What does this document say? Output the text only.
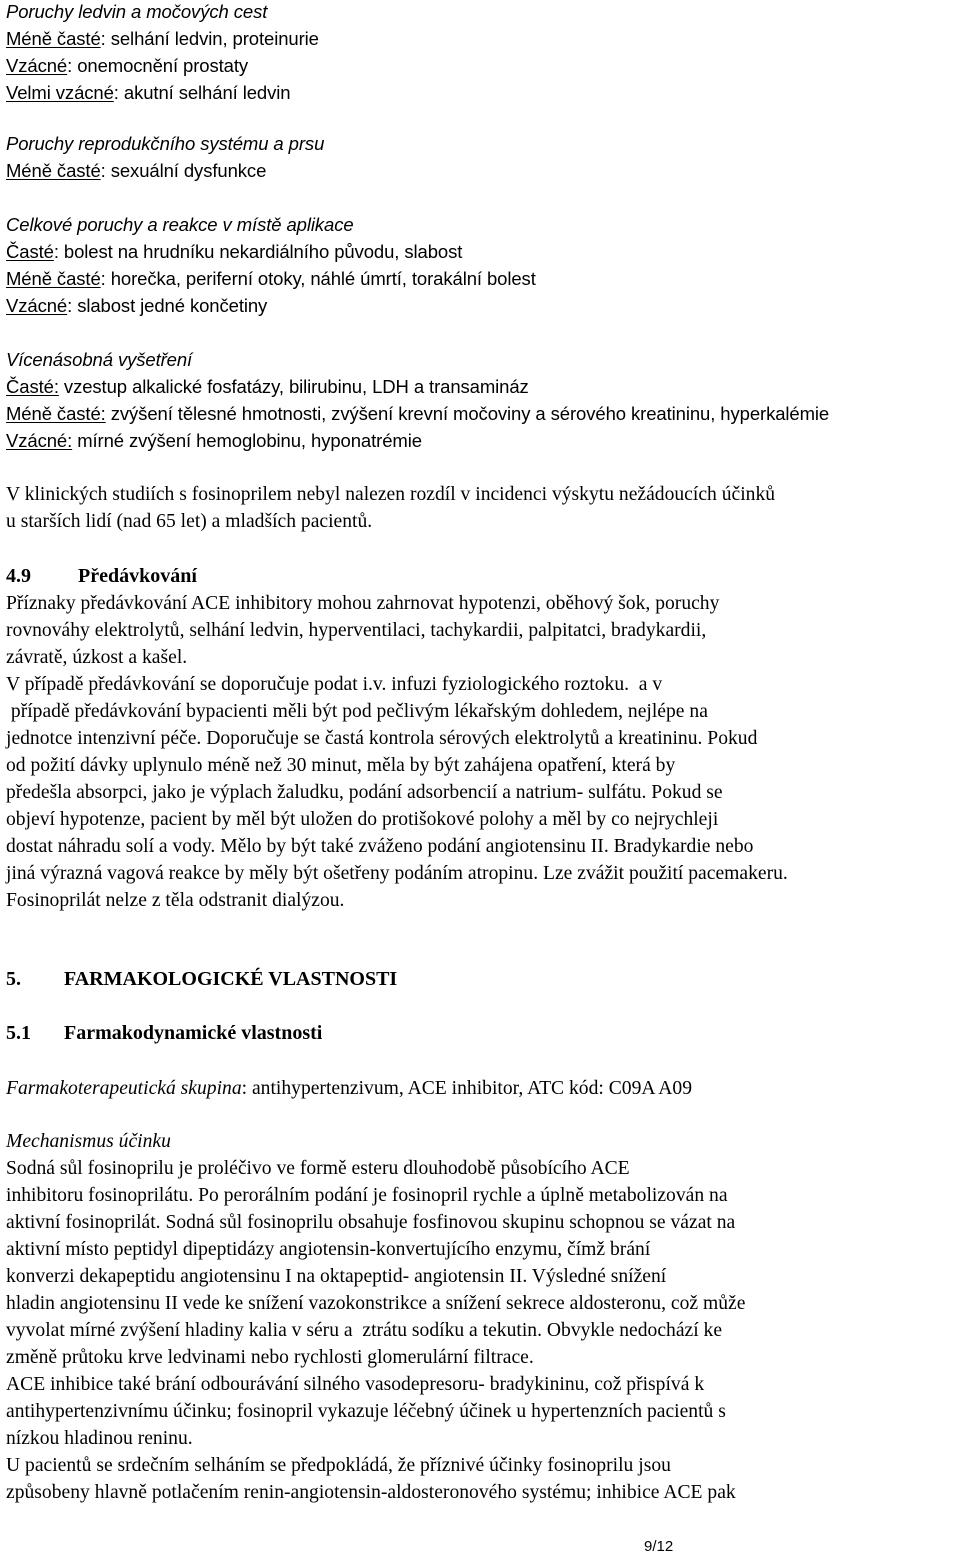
Poruchy ledvin a močových cest
Méně časté: selhání ledvin, proteinurie
Vzácné: onemocnění prostaty
Velmi vzácné: akutní selhání ledvin
Poruchy reprodukčního systému a prsu
Méně časté: sexuální dysfunkce
Celkové poruchy a reakce v místě aplikace
Časté: bolest na hrudníku nekardiálního původu, slabost
Méně časté: horečka, periferní otoky, náhlé úmrtí, torakální bolest
Vzácné: slabost jedné končetiny
Vícenásobná vyšetření
Časté: vzestup alkalické fosfatázy, bilirubinu, LDH a transamináz
Méně časté: zvýšení tělesné hmotnosti, zvýšení krevní močoviny a sérového kreatininu, hyperkalémie
Vzácné: mírné zvýšení hemoglobinu, hyponatrémie
V klinických studiích s fosinoprilem nebyl nalezen rozdíl v incidenci výskytu nežádoucích účinků
u starších lidí (nad 65 let) a mladších pacientů.
4.9 Předávkování
Příznaky předávkování ACE inhibitory mohou zahrnovat hypotenzi, oběhový šok, poruchy
rovnováhy elektrolytů, selhání ledvin, hyperventilaci, tachykardii, palpitatci, bradykardii,
závratě, úzkost a kašel.
V případě předávkování se doporučuje podat i.v. infuzi fyziologického roztoku.  a v
případě předávkování bypacienti měli být pod pečlivým lékařským dohledem, nejlépe na
jednotce intenzivní péče. Doporučuje se častá kontrola sérových elektrolytů a kreatininu. Pokud
od požití dávky uplynulo méně než 30 minut, měla by být zahájena opatření, která by
předešla absorpci, jako je výplach žaludku, podání adsorbencií a natrium- sulfátu. Pokud se
objeví hypotenze, pacient by měl být uložen do protišokové polohy a měl by co nejrychleji
dostat náhradu solí a vody. Mělo by být také zváženo podání angiotensinu II. Bradykardie nebo
jiná výrazná vagová reakce by měly být ošetřeny podáním atropinu. Lze zvážit použití pacemakeru.
Fosinoprilát nelze z těla odstranit dialýzou.
5. FARMAKOLOGICKÉ VLASTNOSTI
5.1 Farmakodynamické vlastnosti
Farmakoterapeutická skupina: antihypertenzivum, ACE inhibitor, ATC kód: C09A A09
Mechanismus účinku
Sodná sůl fosinoprilu je proléčivo ve formě esteru dlouhodobě působícího ACE
inhibitoru fosinoprilátu. Po perorálním podání je fosinopril rychle a úplně metabolizován na
aktivní fosinoprilát. Sodná sůl fosinoprilu obsahuje fosfinovou skupinu schopnou se vázat na
aktivní místo peptidyl dipeptidázy angiotensin-konvertujícího enzymu, čímž brání
konverzi dekapeptidu angiotensinu I na oktapeptid- angiotensin II. Výsledné snížení
hladin angiotensinu II vede ke snížení vazokonstrikce a snížení sekrece aldosteronu, což může
vyvolat mírné zvýšení hladiny kalia v séru a  ztrátu sodíku a tekutin. Obvykle nedochází ke
změně průtoku krve ledvinami nebo rychlosti glomerulární filtrace.
ACE inhibice také brání odbourávání silného vasodepresoru- bradykininu, což přispívá k
antihypertenzivnímu účinku; fosinopril vykazuje léčebný účinek u hypertenzních pacientů s
nízkou hladinou reninu.
U pacientů se srdečním selháním se předpokládá, že příznivé účinky fosinoprilu jsou
způsobeny hlavně potlačením renin-angiotensin-aldosteronového systému; inhibice ACE pak
9/12
